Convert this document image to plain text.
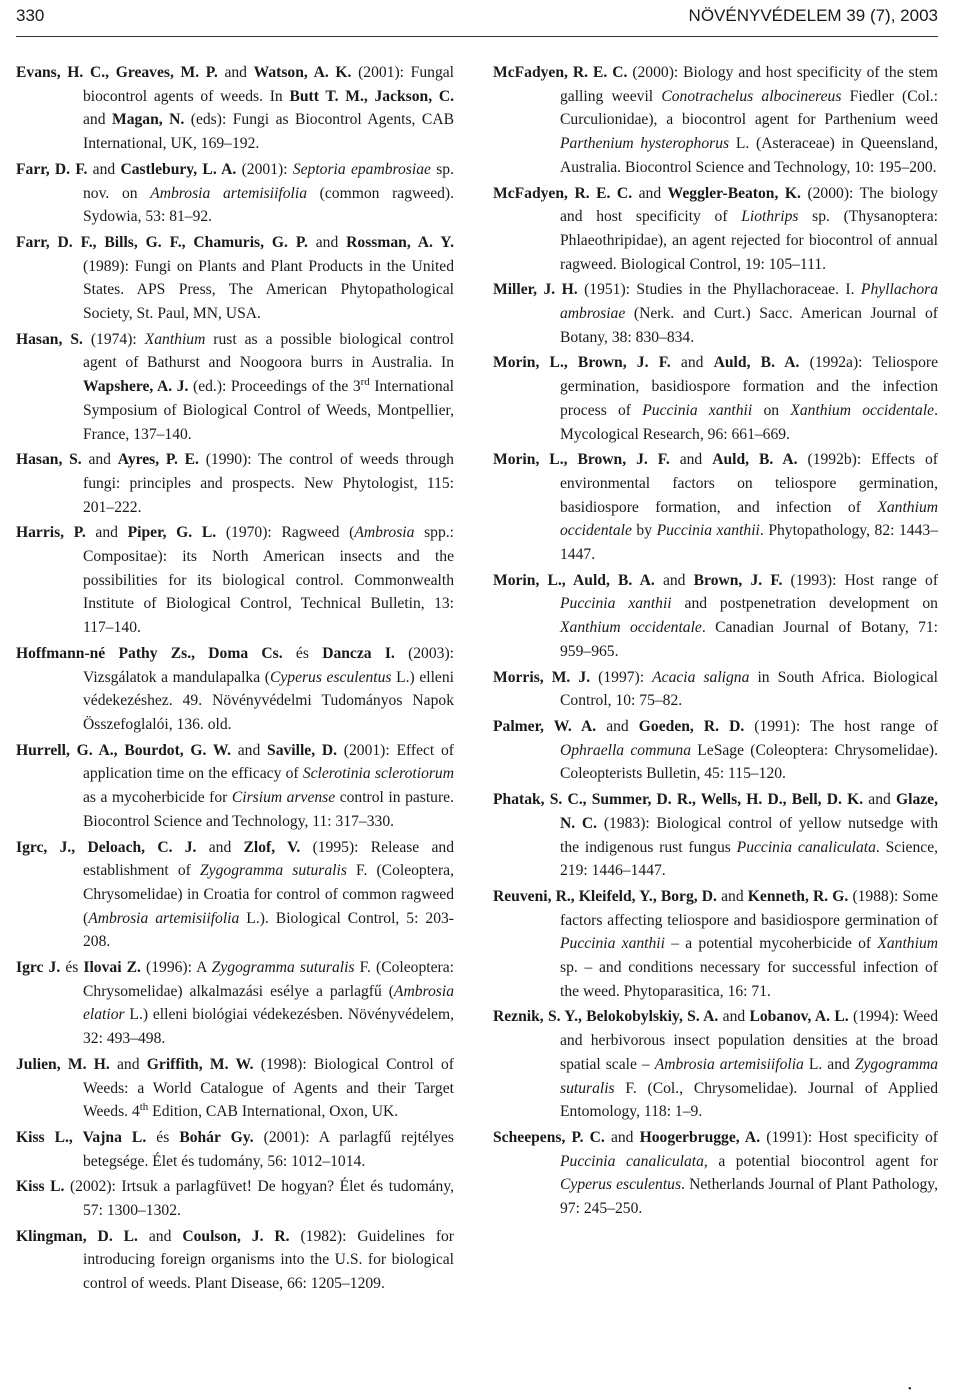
330	NÖVÉNYVÉDELEM 39 (7), 2003

Evans, H. C., Greaves, M. P. and Watson, A. K. (2001): Fungal biocontrol agents of weeds. In Butt T. M., Jackson, C. and Magan, N. (eds): Fungi as Biocontrol Agents, CAB International, UK, 169–192.

Farr, D. F. and Castlebury, L. A. (2001): Septoria epambrosiae sp. nov. on Ambrosia artemisiifolia (common ragweed). Sydowia, 53: 81–92.

Farr, D. F., Bills, G. F., Chamuris, G. P. and Rossman, A. Y. (1989): Fungi on Plants and Plant Products in the United States. APS Press, The American Phytopathological Society, St. Paul, MN, USA.

Hasan, S. (1974): Xanthium rust as a possible biological control agent of Bathurst and Noogoora burrs in Australia. In Wapshere, A. J. (ed.): Proceedings of the 3rd International Symposium of Biological Control of Weeds, Montpellier, France, 137–140.

Hasan, S. and Ayres, P. E. (1990): The control of weeds through fungi: principles and prospects. New Phytologist, 115: 201–222.

Harris, P. and Piper, G. L. (1970): Ragweed (Ambrosia spp.: Compositae): its North American insects and the possibilities for its biological control. Commonwealth Institute of Biological Control, Technical Bulletin, 13: 117–140.

Hoffmann-né Pathy Zs., Doma Cs. és Dancza I. (2003): Vizsgálatok a mandulapalka (Cyperus esculentus L.) elleni védekezéshez. 49. Növényvédelmi Tudományos Napok Összefoglalói, 136. old.

Hurrell, G. A., Bourdot, G. W. and Saville, D. (2001): Effect of application time on the efficacy of Sclerotinia sclerotiorum as a mycoherbicide for Cirsium arvense control in pasture. Biocontrol Science and Technology, 11: 317–330.

Igrc, J., Deloach, C. J. and Zlof, V. (1995): Release and establishment of Zygogramma suturalis F. (Coleoptera, Chrysomelidae) in Croatia for control of common ragweed (Ambrosia artemisiifolia L.). Biological Control, 5: 203-208.

Igrc J. és Ilovai Z. (1996): A Zygogramma suturalis F. (Coleoptera: Chrysomelidae) alkalmazási esélye a parlagfű (Ambrosia elatior L.) elleni biológiai védekezésben. Növényvédelem, 32: 493–498.

Julien, M. H. and Griffith, M. W. (1998): Biological Control of Weeds: a World Catalogue of Agents and their Target Weeds. 4th Edition, CAB International, Oxon, UK.

Kiss L., Vajna L. és Bohár Gy. (2001): A parlagfű rejtélyes betegsége. Élet és tudomány, 56: 1012–1014.

Kiss L. (2002): Irtsuk a parlagfüvet! De hogyan? Élet és tudomány, 57: 1300–1302.

Klingman, D. L. and Coulson, J. R. (1982): Guidelines for introducing foreign organisms into the U.S. for biological control of weeds. Plant Disease, 66: 1205–1209.

McFadyen, R. E. C. (2000): Biology and host specificity of the stem galling weevil Conotrachelus albocinereus Fiedler (Col.: Curculionidae), a biocontrol agent for Parthenium weed Parthenium hysterophorus L. (Asteraceae) in Queensland, Australia. Biocontrol Science and Technology, 10: 195–200.

McFadyen, R. E. C. and Weggler-Beaton, K. (2000): The biology and host specificity of Liothrips sp. (Thysanoptera: Phlaeothripidae), an agent rejected for biocontrol of annual ragweed. Biological Control, 19: 105–111.

Miller, J. H. (1951): Studies in the Phyllachoraceae. I. Phyllachora ambrosiae (Nerk. and Curt.) Sacc. American Journal of Botany, 38: 830–834.

Morin, L., Brown, J. F. and Auld, B. A. (1992a): Teliospore germination, basidiospore formation and the infection process of Puccinia xanthii on Xanthium occidentale. Mycological Research, 96: 661–669.

Morin, L., Brown, J. F. and Auld, B. A. (1992b): Effects of environmental factors on teliospore germination, basidiospore formation, and infection of Xanthium occidentale by Puccinia xanthii. Phytopathology, 82: 1443–1447.

Morin, L., Auld, B. A. and Brown, J. F. (1993): Host range of Puccinia xanthii and postpenetration development on Xanthium occidentale. Canadian Journal of Botany, 71: 959–965.

Morris, M. J. (1997): Acacia saligna in South Africa. Biological Control, 10: 75–82.

Palmer, W. A. and Goeden, R. D. (1991): The host range of Ophraella communa LeSage (Coleoptera: Chrysomelidae). Coleopterists Bulletin, 45: 115–120.

Phatak, S. C., Summer, D. R., Wells, H. D., Bell, D. K. and Glaze, N. C. (1983): Biological control of yellow nutsedge with the indigenous rust fungus Puccinia canaliculata. Science, 219: 1446–1447.

Reuveni, R., Kleifeld, Y., Borg, D. and Kenneth, R. G. (1988): Some factors affecting teliospore and basidiospore germination of Puccinia xanthii – a potential mycoherbicide of Xanthium sp. – and conditions necessary for successful infection of the weed. Phytoparasitica, 16: 71.

Reznik, S. Y., Belokobylskiy, S. A. and Lobanov, A. L. (1994): Weed and herbivorous insect population densities at the broad spatial scale – Ambrosia artemisiifolia L. and Zygogramma suturalis F. (Col., Chrysomelidae). Journal of Applied Entomology, 118: 1–9.

Scheepens, P. C. and Hoogerbrugge, A. (1991): Host specificity of Puccinia canaliculata, a potential biocontrol agent for Cyperus esculentus. Netherlands Journal of Plant Pathology, 97: 245–250.

•
